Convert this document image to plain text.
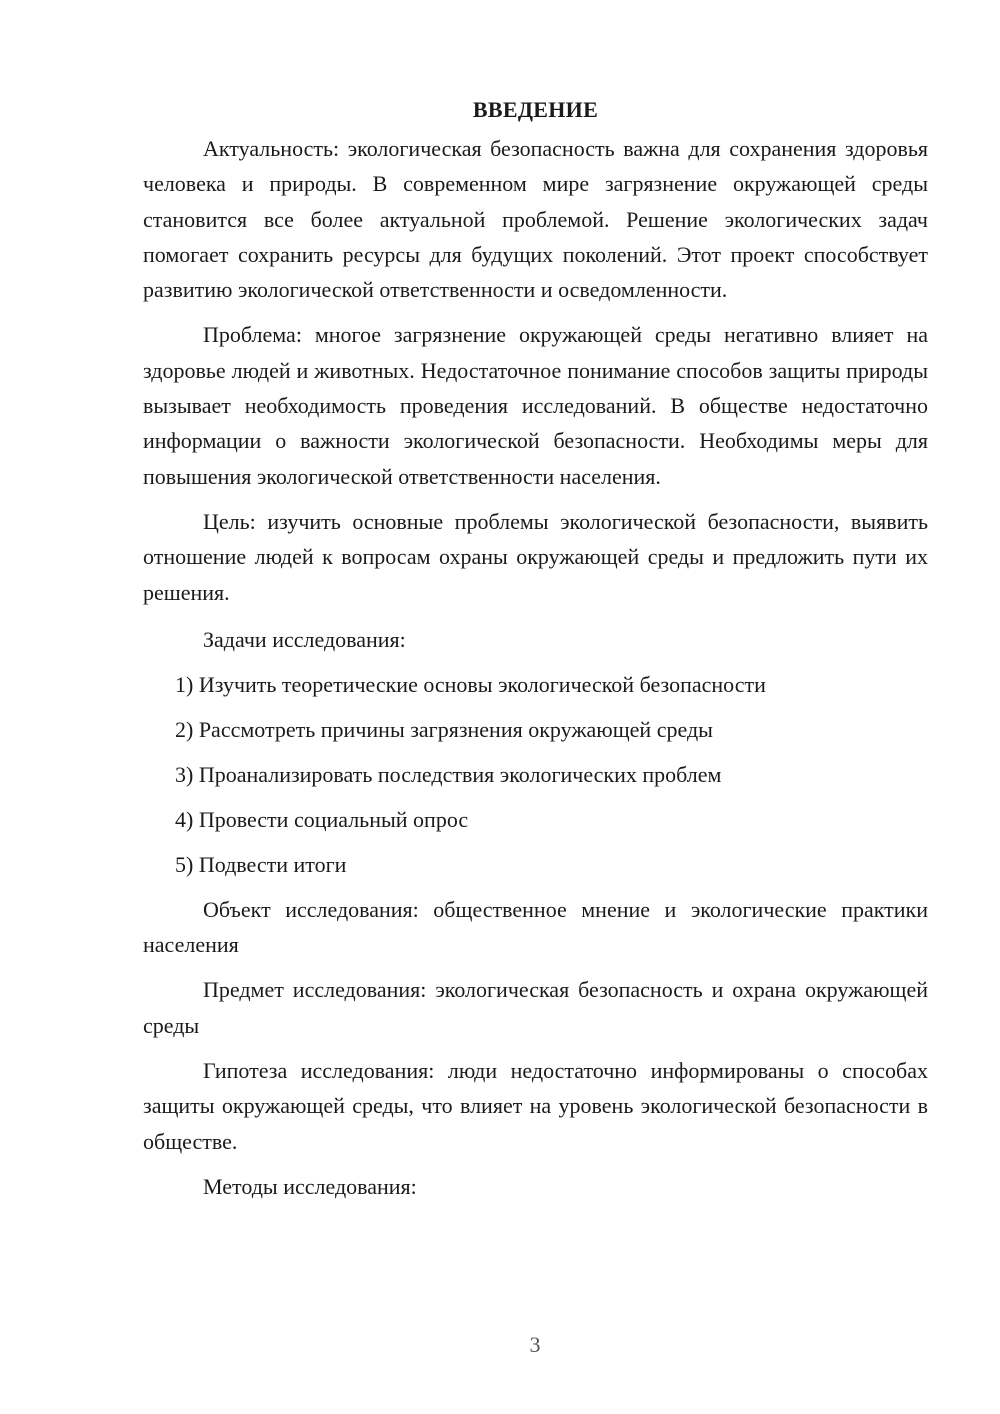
ВВЕДЕНИЕ

Актуальность: экологическая безопасность важна для сохранения здоровья человека и природы. В современном мире загрязнение окружающей среды становится все более актуальной проблемой. Решение экологических задач помогает сохранить ресурсы для будущих поколений. Этот проект способствует развитию экологической ответственности и осведомленности.

Проблема: многое загрязнение окружающей среды негативно влияет на здоровье людей и животных. Недостаточное понимание способов защиты природы вызывает необходимость проведения исследований. В обществе недостаточно информации о важности экологической безопасности. Необходимы меры для повышения экологической ответственности населения.

Цель: изучить основные проблемы экологической безопасности, выявить отношение людей к вопросам охраны окружающей среды и предложить пути их решения.

Задачи исследования:

1) Изучить теоретические основы экологической безопасности

2) Рассмотреть причины загрязнения окружающей среды

3) Проанализировать последствия экологических проблем

4) Провести социальный опрос

5) Подвести итоги

Объект исследования: общественное мнение и экологические практики населения

Предмет исследования: экологическая безопасность и охрана окружающей среды

Гипотеза исследования: люди недостаточно информированы о способах защиты окружающей среды, что влияет на уровень экологической безопасности в обществе.

Методы исследования:

3
